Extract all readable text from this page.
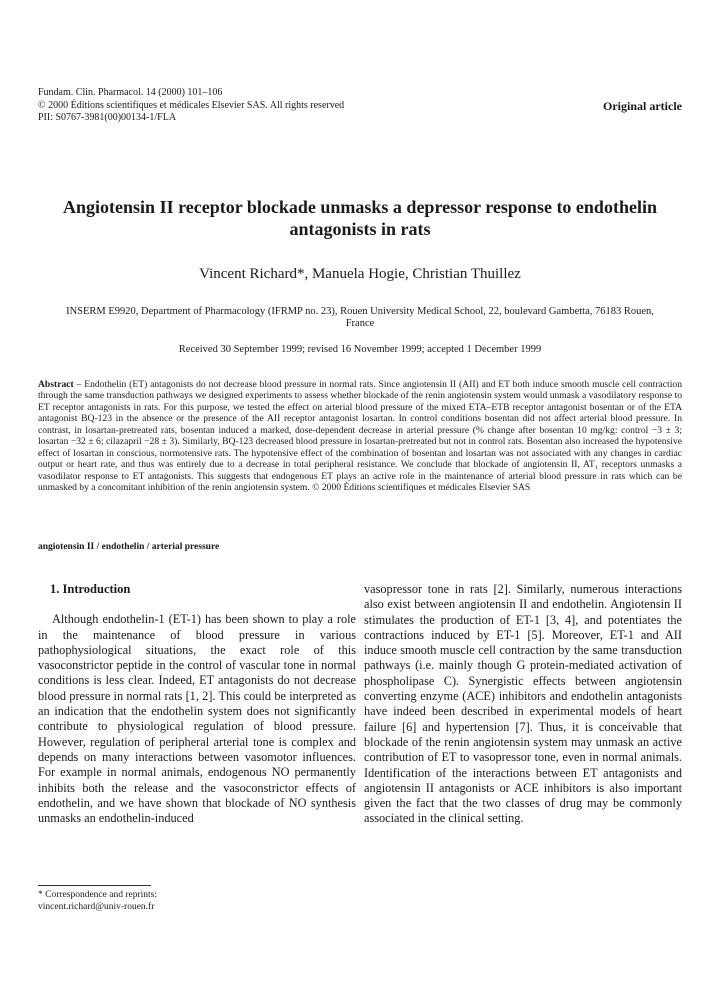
Fundam. Clin. Pharmacol. 14 (2000) 101–106
© 2000 Éditions scientifiques et médicales Elsevier SAS. All rights reserved
PII: S0767-3981(00)00134-1/FLA
Original article
Angiotensin II receptor blockade unmasks a depressor response to endothelin antagonists in rats
Vincent Richard*, Manuela Hogie, Christian Thuillez
INSERM E9920, Department of Pharmacology (IFRMP no. 23), Rouen University Medical School, 22, boulevard Gambetta, 76183 Rouen, France
Received 30 September 1999; revised 16 November 1999; accepted 1 December 1999
Abstract – Endothelin (ET) antagonists do not decrease blood pressure in normal rats. Since angiotensin II (AII) and ET both induce smooth muscle cell contraction through the same transduction pathways we designed experiments to assess whether blockade of the renin angiotensin system would unmask a vasodilatory response to ET receptor antagonists in rats. For this purpose, we tested the effect on arterial blood pressure of the mixed ETA–ETB receptor antagonist bosentan or of the ETA antagonist BQ-123 in the absence or the presence of the AII receptor antagonist losartan. In control conditions bosentan did not affect arterial blood pressure. In contrast, in losartan-pretreated rats, bosentan induced a marked, dose-dependent decrease in arterial pressure (% change after bosentan 10 mg/kg: control −3 ± 3; losartan −32 ± 6; cilazapril −28 ± 3). Similarly, BQ-123 decreased blood pressure in losartan-pretreated but not in control rats. Bosentan also increased the hypotensive effect of losartan in conscious, normotensive rats. The hypotensive effect of the combination of bosentan and losartan was not associated with any changes in cardiac output or heart rate, and thus was entirely due to a decrease in total peripheral resistance. We conclude that blockade of angiotensin II, AT₁ receptors unmasks a vasodilator response to ET antagonists. This suggests that endogenous ET plays an active role in the maintenance of arterial blood pressure in rats which can be unmasked by a concomitant inhibition of the renin angiotensin system. © 2000 Éditions scientifiques et médicales Elsevier SAS
angiotensin II / endothelin / arterial pressure
1. Introduction

Although endothelin-1 (ET-1) has been shown to play a role in the maintenance of blood pressure in various pathophysiological situations, the exact role of this vasoconstrictor peptide in the control of vascular tone in normal conditions is less clear. Indeed, ET antagonists do not decrease blood pressure in normal rats [1, 2]. This could be interpreted as an indication that the endothelin system does not significantly contribute to physiological regulation of blood pressure. However, regulation of peripheral arterial tone is complex and depends on many interactions between vasomotor influences. For example in normal animals, endogenous NO permanently inhibits both the release and the vasoconstrictor effects of endothelin, and we have shown that blockade of NO synthesis unmasks an endothelin-induced

vasopressor tone in rats [2]. Similarly, numerous interactions also exist between angiotensin II and endothelin. Angiotensin II stimulates the production of ET-1 [3, 4], and potentiates the contractions induced by ET-1 [5]. Moreover, ET-1 and AII induce smooth muscle cell contraction by the same transduction pathways (i.e. mainly though G protein-mediated activation of phospholipase C). Synergistic effects between angiotensin converting enzyme (ACE) inhibitors and endothelin antagonists have indeed been described in experimental models of heart failure [6] and hypertension [7]. Thus, it is conceivable that blockade of the renin angiotensin system may unmask an active contribution of ET to vasopressor tone, even in normal animals. Identification of the interactions between ET antagonists and angiotensin II antagonists or ACE inhibitors is also important given the fact that the two classes of drug may be commonly associated in the clinical setting.

* Correspondence and reprints:
vincent.richard@univ-rouen.fr
